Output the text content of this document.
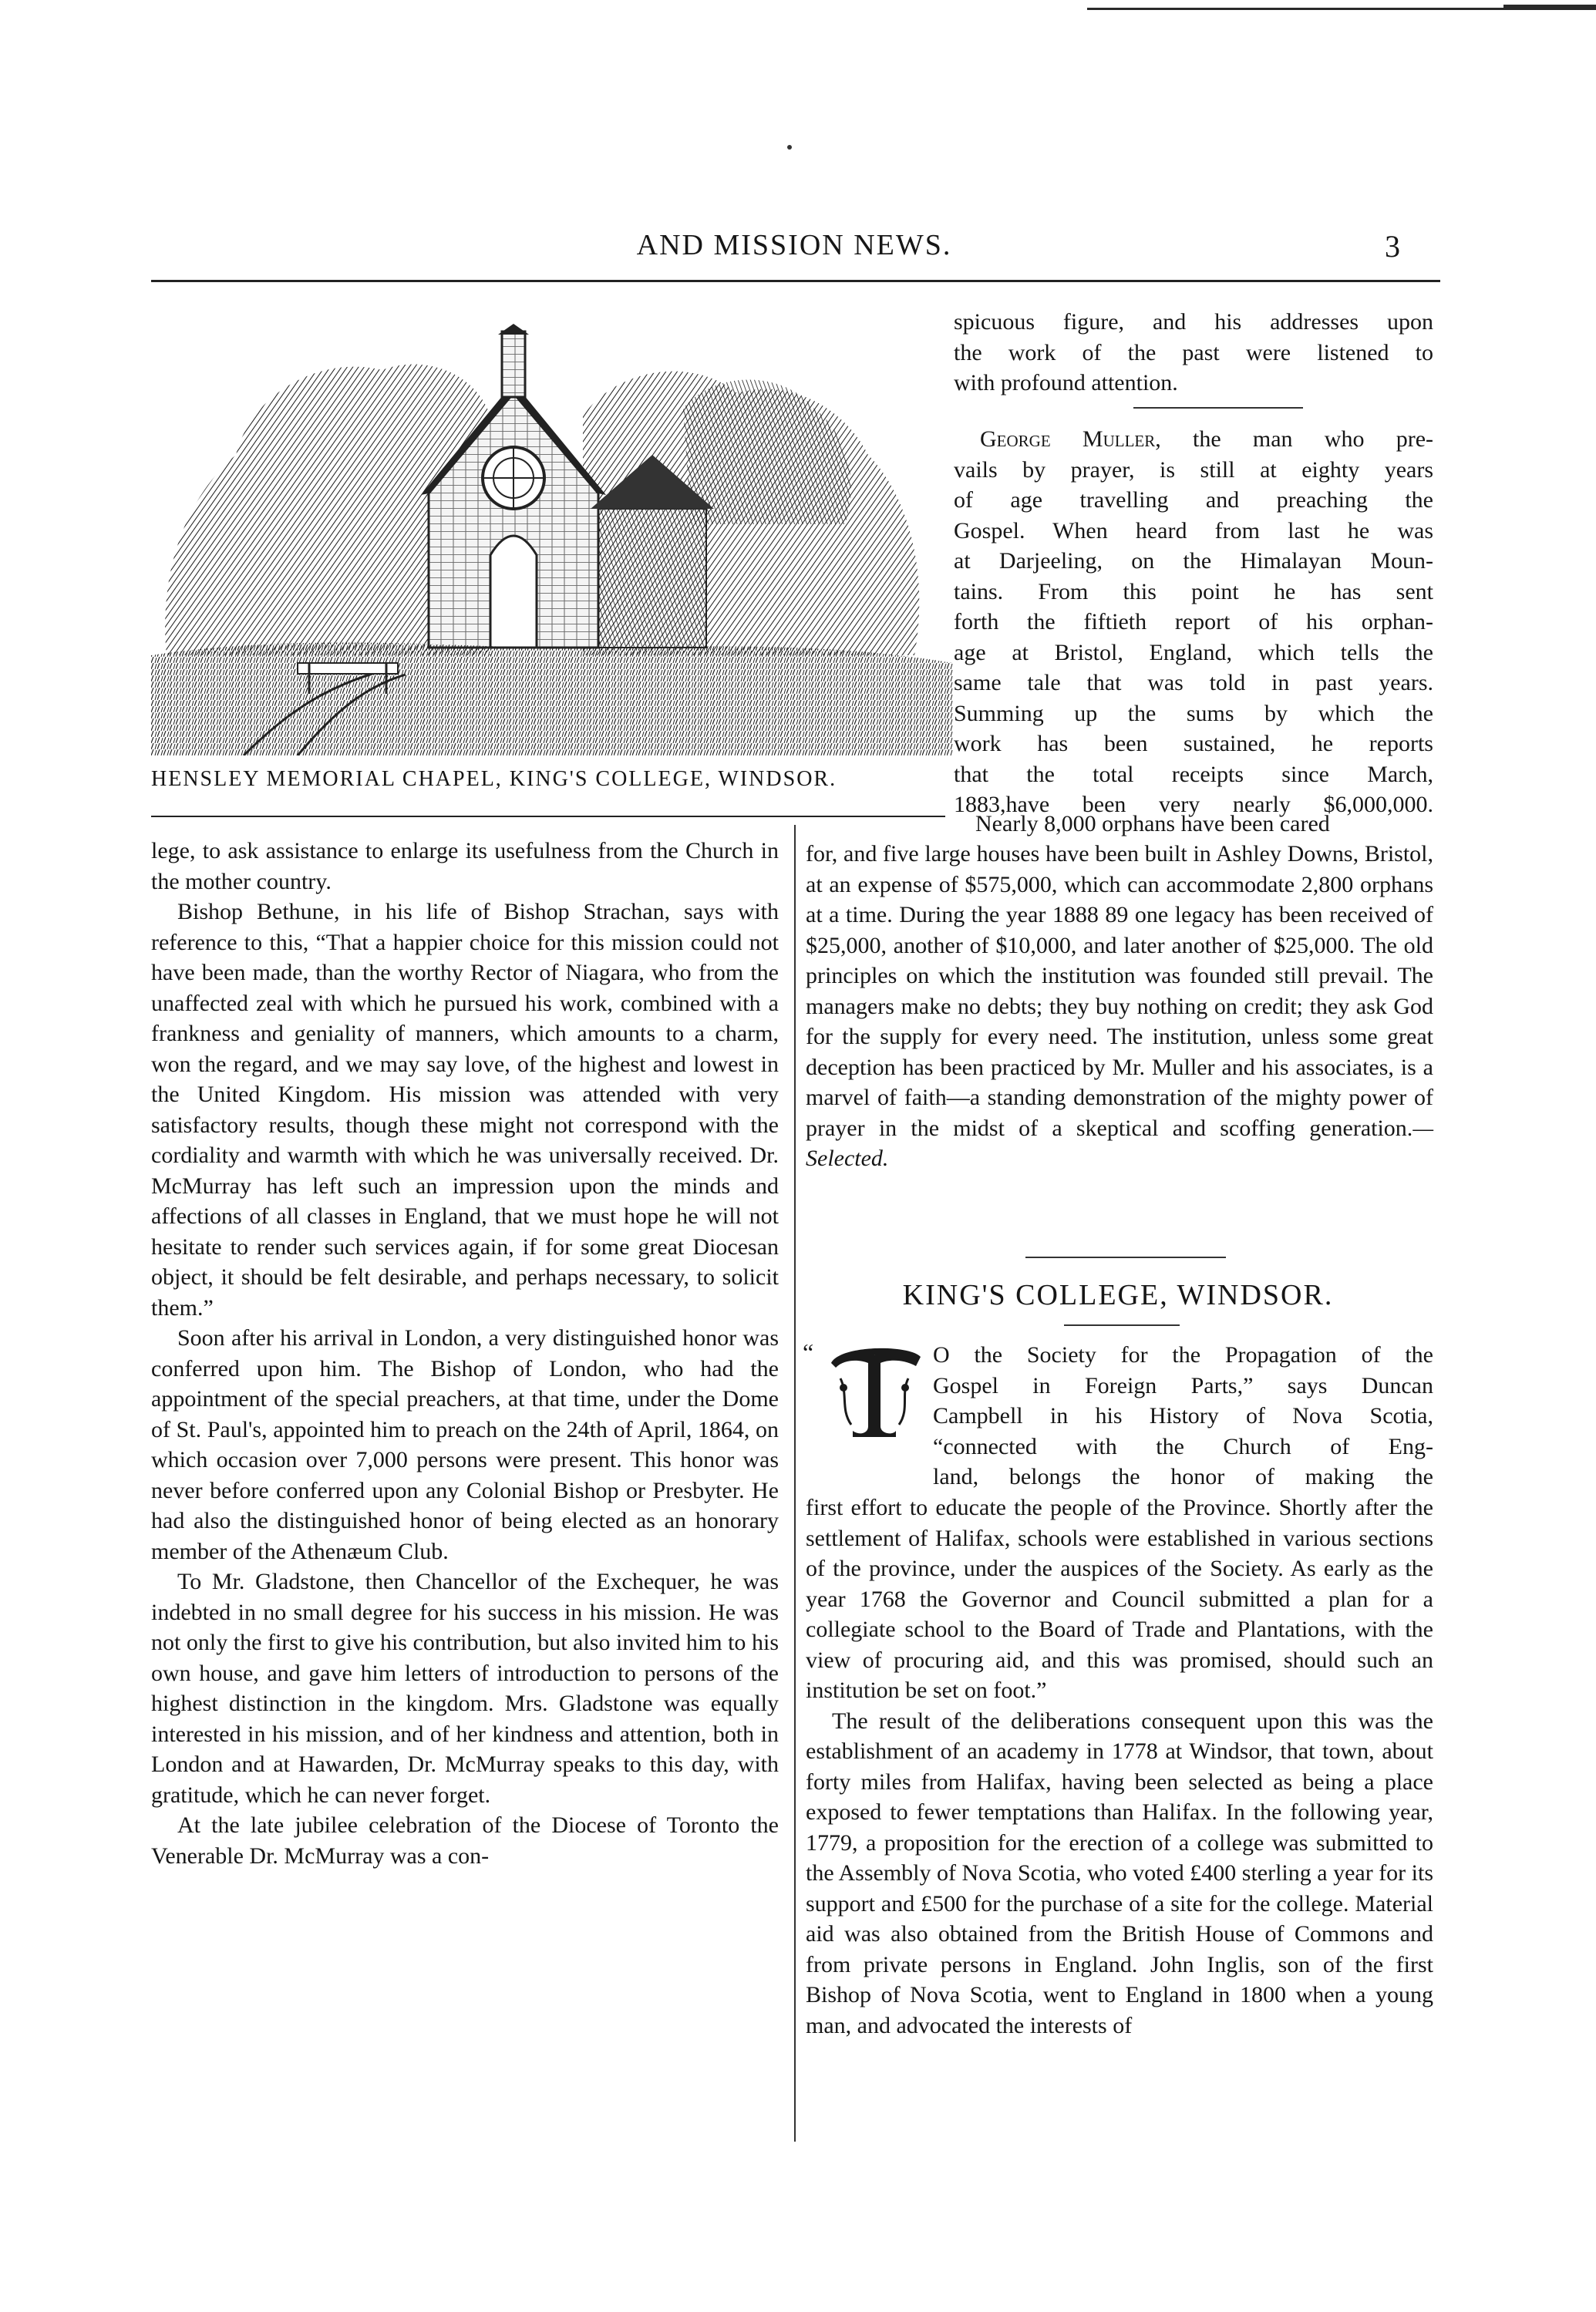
AND MISSION NEWS.	3
HENSLEY MEMORIAL CHAPEL, KING'S COLLEGE, WINDSOR.

spicuous figure, and his addresses upon

the work of the past were listened to

with profound attention.

George Muller, the man who pre-

vails by prayer, is still at eighty years

of age travelling and preaching the

Gospel. When heard from last he was

at Darjeeling, on the Himalayan Moun-

tains. From this point he has sent

forth the fiftieth report of his orphan-

age at Bristol, England, which tells the

same tale that was told in past years.

Summing up the sums by which the

work has been sustained, he reports

that the total receipts since March,

1883,have been very nearly $6,000,000.

Nearly 8,000 orphans have been cared

lege, to ask assistance to enlarge its usefulness from the Church in the mother country.

Bishop Bethune, in his life of Bishop Strachan, says with reference to this, “That a happier choice for this mission could not have been made, than the worthy Rector of Niagara, who from the unaffected zeal with which he pursued his work, combined with a frankness and geniality of manners, which amounts to a charm, won the regard, and we may say love, of the highest and lowest in the United Kingdom. His mission was attended with very satisfactory results, though these might not correspond with the cordiality and warmth with which he was universally received. Dr. McMurray has left such an impression upon the minds and affections of all classes in England, that we must hope he will not hesitate to render such services again, if for some great Diocesan object, it should be felt desirable, and perhaps necessary, to solicit them.”

Soon after his arrival in London, a very distinguished honor was conferred upon him. The Bishop of London, who had the appointment of the special preachers, at that time, under the Dome of St. Paul's, appointed him to preach on the 24th of April, 1864, on which occasion over 7,000 persons were present. This honor was never before conferred upon any Colonial Bishop or Presbyter. He had also the distinguished honor of being elected as an honorary member of the Athenæum Club.

To Mr. Gladstone, then Chancellor of the Exchequer, he was indebted in no small degree for his success in his mission. He was not only the first to give his contribution, but also invited him to his own house, and gave him letters of introduction to persons of the highest distinction in the kingdom. Mrs. Gladstone was equally interested in his mission, and of her kindness and attention, both in London and at Hawarden, Dr. McMurray speaks to this day, with gratitude, which he can never forget.

At the late jubilee celebration of the Diocese of Toronto the Venerable Dr. McMurray was a con-

for, and five large houses have been built in Ashley Downs, Bristol, at an expense of $575,000, which can accommodate 2,800 orphans at a time. During the year 1888 89 one legacy has been received of $25,000, another of $10,000, and later another of $25,000. The old principles on which the institution was founded still prevail. The managers make no debts; they buy nothing on credit; they ask God for the supply for every need. The institution, unless some great deception has been practiced by Mr. Muller and his associates, is a marvel of faith—a standing demonstration of the mighty power of prayer in the midst of a skeptical and scoffing generation.—Selected.

KING'S COLLEGE, WINDSOR.
“	T	O the Society for the Propagation of the

Gospel in Foreign Parts,” says Duncan

Campbell in his History of Nova Scotia,

“connected with the Church of Eng-

land, belongs the honor of making the

first effort to educate the people of the Province. Shortly after the settlement of Halifax, schools were established in various sections of the province, under the auspices of the Society. As early as the year 1768 the Governor and Council submitted a plan for a collegiate school to the Board of Trade and Plantations, with the view of procuring aid, and this was promised, should such an institution be set on foot.”

The result of the deliberations consequent upon this was the establishment of an academy in 1778 at Windsor, that town, about forty miles from Halifax, having been selected as being a place exposed to fewer temptations than Halifax. In the following year, 1779, a proposition for the erection of a college was submitted to the Assembly of Nova Scotia, who voted £400 sterling a year for its support and £500 for the purchase of a site for the college. Material aid was also obtained from the British House of Commons and from private persons in England. John Inglis, son of the first Bishop of Nova Scotia, went to England in 1800 when a young man, and advocated the interests of
